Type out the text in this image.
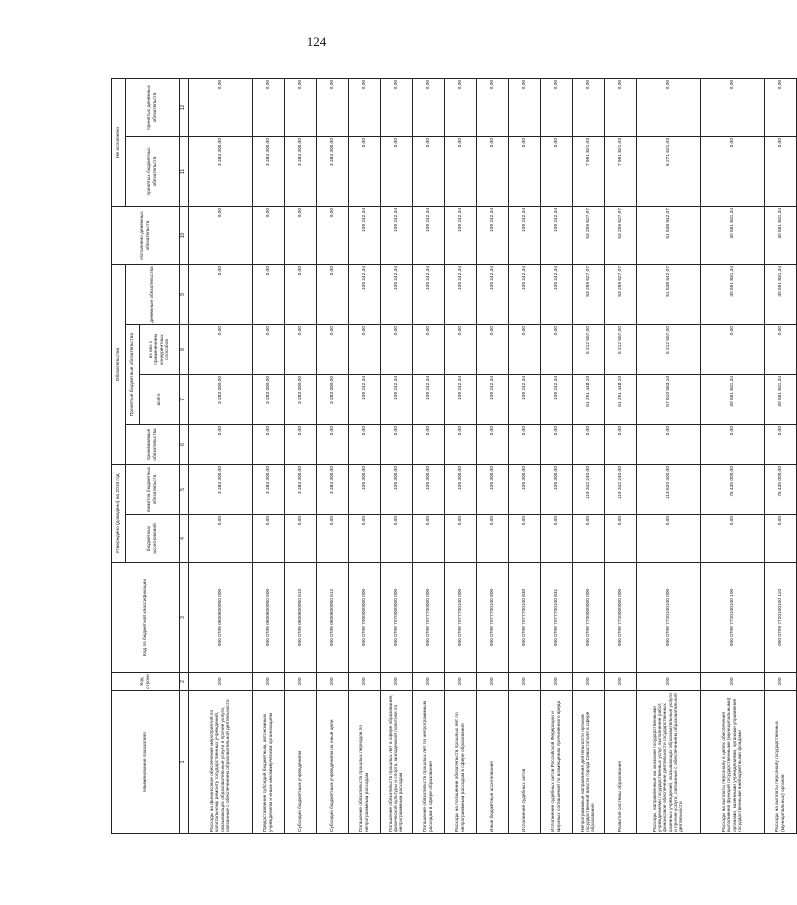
124
Наименование показателя	Код строки	Код по бюджетной классификации	Утверждено (доведено) на 2018 год		Обязательства				Исполнено денежных обязательств	Не исполнено	
			бюджетных ассигнований	лимитов бюджетных обязательств	принимаемые обязательства	Принятые бюджетные обязательства		денежные обязательства		принятых бюджетных обязательств	принятых денежных обязательств
						всего	из них с применением конкурентных способов				
1	2	3	4	5	6	7	8	9	10	11	12
Расходы на финансовое обеспечение мероприятий по капитальному ремонту государственных учреждений, оказывающих образовательные услуги и прочие услуги, связанные с обеспечением образовательной деятельности	200	000 0709 0600600050 000	0,00	3 283 300,00	0,00	3 283 300,00	0,00	0,00	0,00	3 283 300,00	0,00
Предоставление субсидий бюджетным, автономным учреждениям и иным некоммерческим организациям	200	000 0709 0600600050 600	0,00	3 283 300,00	0,00	3 283 300,00	0,00	0,00	0,00	3 283 300,00	0,00
Субсидии бюджетным учреждениям	200	000 0709 0600600050 610	0,00	3 283 300,00	0,00	3 283 300,00	0,00	0,00	0,00	3 283 300,00	0,00
Субсидии бюджетным учреждениям на иные цели	200	000 0709 0600600050 612	0,00	3 283 300,00	0,00	3 283 300,00	0,00	0,00	0,00	3 283 300,00	0,00
Погашение обязательств прошлых периодов по непрограммным расходам	200	000 0709 7000000000 000	0,00	109 300,00	0,00	109 242,34	0,00	109 242,34	109 242,34	0,00	0,00
Погашение обязательств прошлых лет в сфере образования, физической культуры и спорта, молодежной политики по непрограммным расходам	200	000 0709 7070000000 000	0,00	109 300,00	0,00	109 242,34	0,00	109 242,34	109 242,34	0,00	0,00
Погашение обязательств прошлых лет по непрограммным расходам в сфере образования	200	000 0709 7077700000 000	0,00	109 300,00	0,00	109 242,34	0,00	109 242,34	109 242,34	0,00	0,00
Расходы на погашение обязательств прошлых лет по непрограммным расходам в сфере образования	200	000 0709 7077700100 000	0,00	109 300,00	0,00	109 242,34	0,00	109 242,34	109 242,34	0,00	0,00
Иные бюджетные ассигнования	200	000 0709 7077700100 800	0,00	109 300,00	0,00	109 242,34	0,00	109 242,34	109 242,34	0,00	0,00
Исполнение судебных актов	200	000 0709 7077700100 830	0,00	109 300,00	0,00	109 242,34	0,00	109 242,34	109 242,34	0,00	0,00
Исполнение судебных актов Российской Федерации и мировых соглашений по возмещению причиненного вреда	200	000 0709 7077700100 831	0,00	109 300,00	0,00	109 242,34	0,00	109 242,34	109 242,34	0,00	0,00
Непрограммные направления деятельности органов государственной власти города Севастополя в сфере образования	200	000 0709 7700000000 000	0,00	119 342 240,00	0,00	61 251 448,10	5 212 557,00	53 259 627,07	53 259 627,07	7 991 821,03	0,00
Развитие системы образования	200	000 0709 7720000000 000	0,00	119 342 240,00	0,00	61 251 448,10	5 212 557,00	53 259 627,07	53 259 627,07	7 991 821,03	0,00
Расходы, направленные на оказание государственными учреждениями государственных услуг, выполнение работ, финансовое обеспечение деятельности государственных казенных учреждений, оказывающих образовательные услуги и прочие услуги, связанные с обеспечением образовательной деятельности	200	000 0709 7720100100 000	0,00	113 620 400,00	0,00	57 810 563,10	5 212 557,00	51 538 942,07	51 538 942,07	6 271 621,03	0,00
Расходы на выплаты персоналу в целях обеспечения выполнения функций государственными (муниципальными) органами, казенными учреждениями, органами управления государственными внебюджетными фондами	200	000 0709 7720100100 100	0,00	76 435 000,00	0,00	30 591 831,34	0,00	30 591 831,34	30 591 831,34	0,00	0,00
Расходы на выплаты персоналу государственных (муниципальных) органов	200	000 0709 7720100100 110	0,00	76 435 000,00	0,00	30 591 831,34	0,00	30 591 831,34	30 591 831,34	0,00	0,00
